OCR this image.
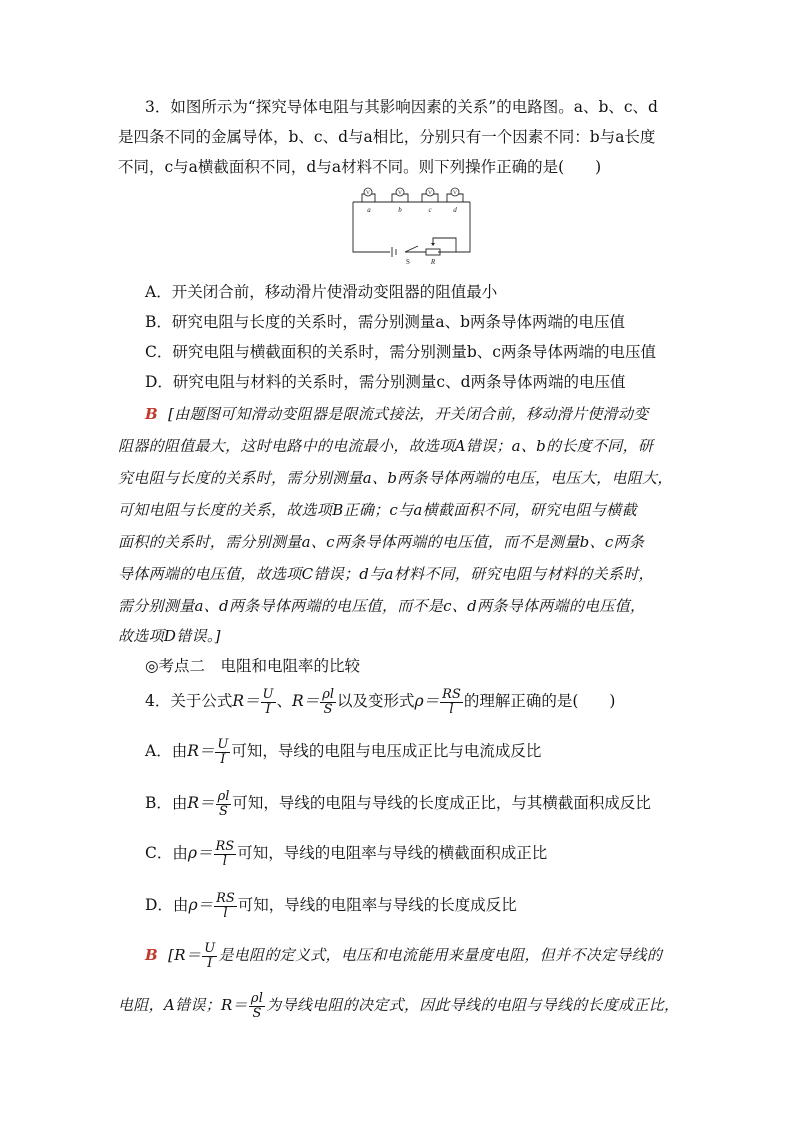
3．如图所示为“探究导体电阻与其影响因素的关系”的电路图。a、b、c、d
是四条不同的金属导体，b、c、d与a相比，分别只有一个因素不同：b与a长度
不同，c与a横截面积不同，d与a材料不同。则下列操作正确的是(　　)
V	V	V	V
a	b	c	d
R
S
A．开关闭合前，移动滑片使滑动变阻器的阻值最小
B．研究电阻与长度的关系时，需分别测量a、b两条导体两端的电压值
C．研究电阻与横截面积的关系时，需分别测量b、c两条导体两端的电压值
D．研究电阻与材料的关系时，需分别测量c、d两条导体两端的电压值
B [由题图可知滑动变阻器是限流式接法，开关闭合前，移动滑片使滑动变
阻器的阻值最大，这时电路中的电流最小，故选项A错误；a、b的长度不同，研
究电阻与长度的关系时，需分别测量a、b两条导体两端的电压，电压大，电阻大，
可知电阻与长度的关系，故选项B正确；c与a横截面积不同，研究电阻与横截
面积的关系时，需分别测量a、c两条导体两端的电压值，而不是测量b、c两条
导体两端的电压值，故选项C错误；d与a材料不同，研究电阻与材料的关系时，
需分别测量a、d两条导体两端的电压值，而不是c、d两条导体两端的电压值，
故选项D错误。]
◎考点二　电阻和电阻率的比较
4．关于公式$R= \frac{U}{I}$ 、$R= \frac{\rho l}{S}$ 以及变形式$\rho= \frac{RS}{l}$ 的理解正确的是(　　)
A．由$R= \frac{U}{I}$ 可知，导线的电阻与电压成正比与电流成反比
B．由$R= \frac{\rho l}{S}$ 可知，导线的电阻与导线的长度成正比，与其横截面积成反比
C．由$\rho= \frac{RS}{l}$ 可知，导线的电阻率与导线的横截面积成正比
D．由$\rho= \frac{RS}{l}$ 可知，导线的电阻率与导线的长度成反比
B [$R= \frac{U}{I}$ 是电阻的定义式，电压和电流能用来量度电阻，但并不决定导线的
电阻，A错误；$R= \frac{\rho l}{S}$ 为导线电阻的决定式，因此导线的电阻与导线的长度成正比，
